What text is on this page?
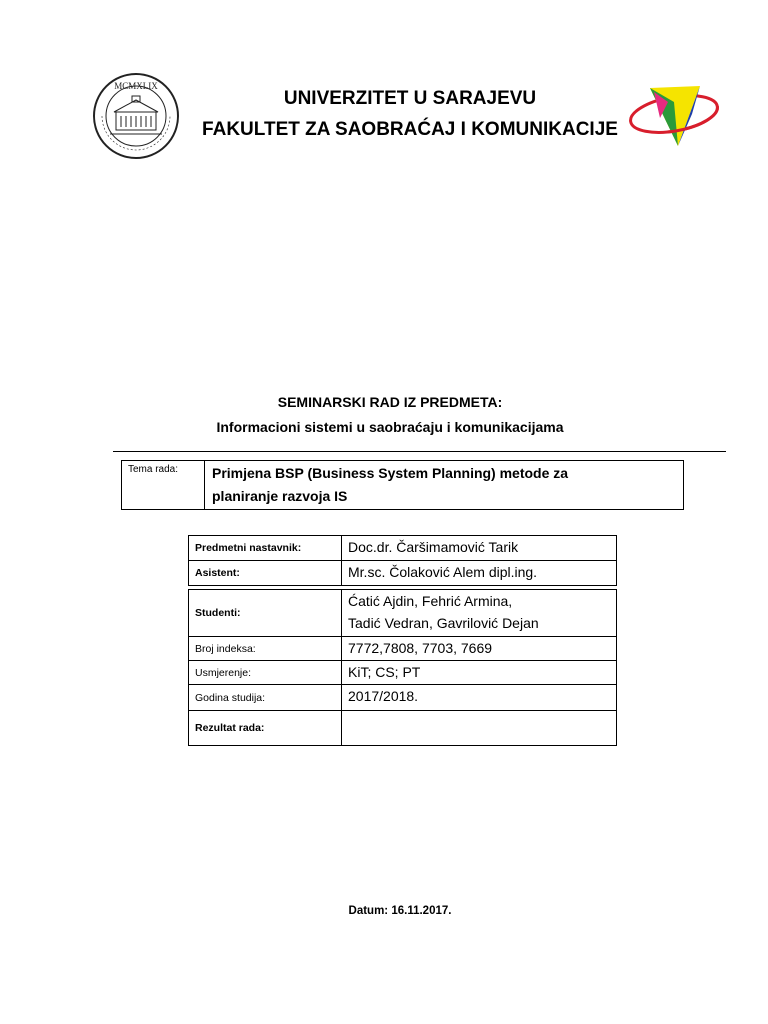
MCMXLIX
UNIVERZITET U SARAJEVU
FAKULTET ZA SAOBRAĆAJ I KOMUNIKACIJE
SEMINARSKI RAD IZ PREDMETA:
Informacioni sistemi u saobraćaju i komunikacijama
Tema rada:	Primjena BSP (Business System Planning) metode za
planiranje razvoja IS
Predmetni nastavnik:	Doc.dr. Čaršimamović Tarik
Asistent:	Mr.sc. Čolaković Alem dipl.ing.
Studenti:	Ćatić Ajdin, Fehrić Armina,
Tadić Vedran, Gavrilović Dejan

Broj indeksa:	7772,7808, 7703, 7669
Usmjerenje:	KiT; CS; PT
Godina studija:	2017/2018.
Rezultat rada:	
Datum: 16.11.2017.
